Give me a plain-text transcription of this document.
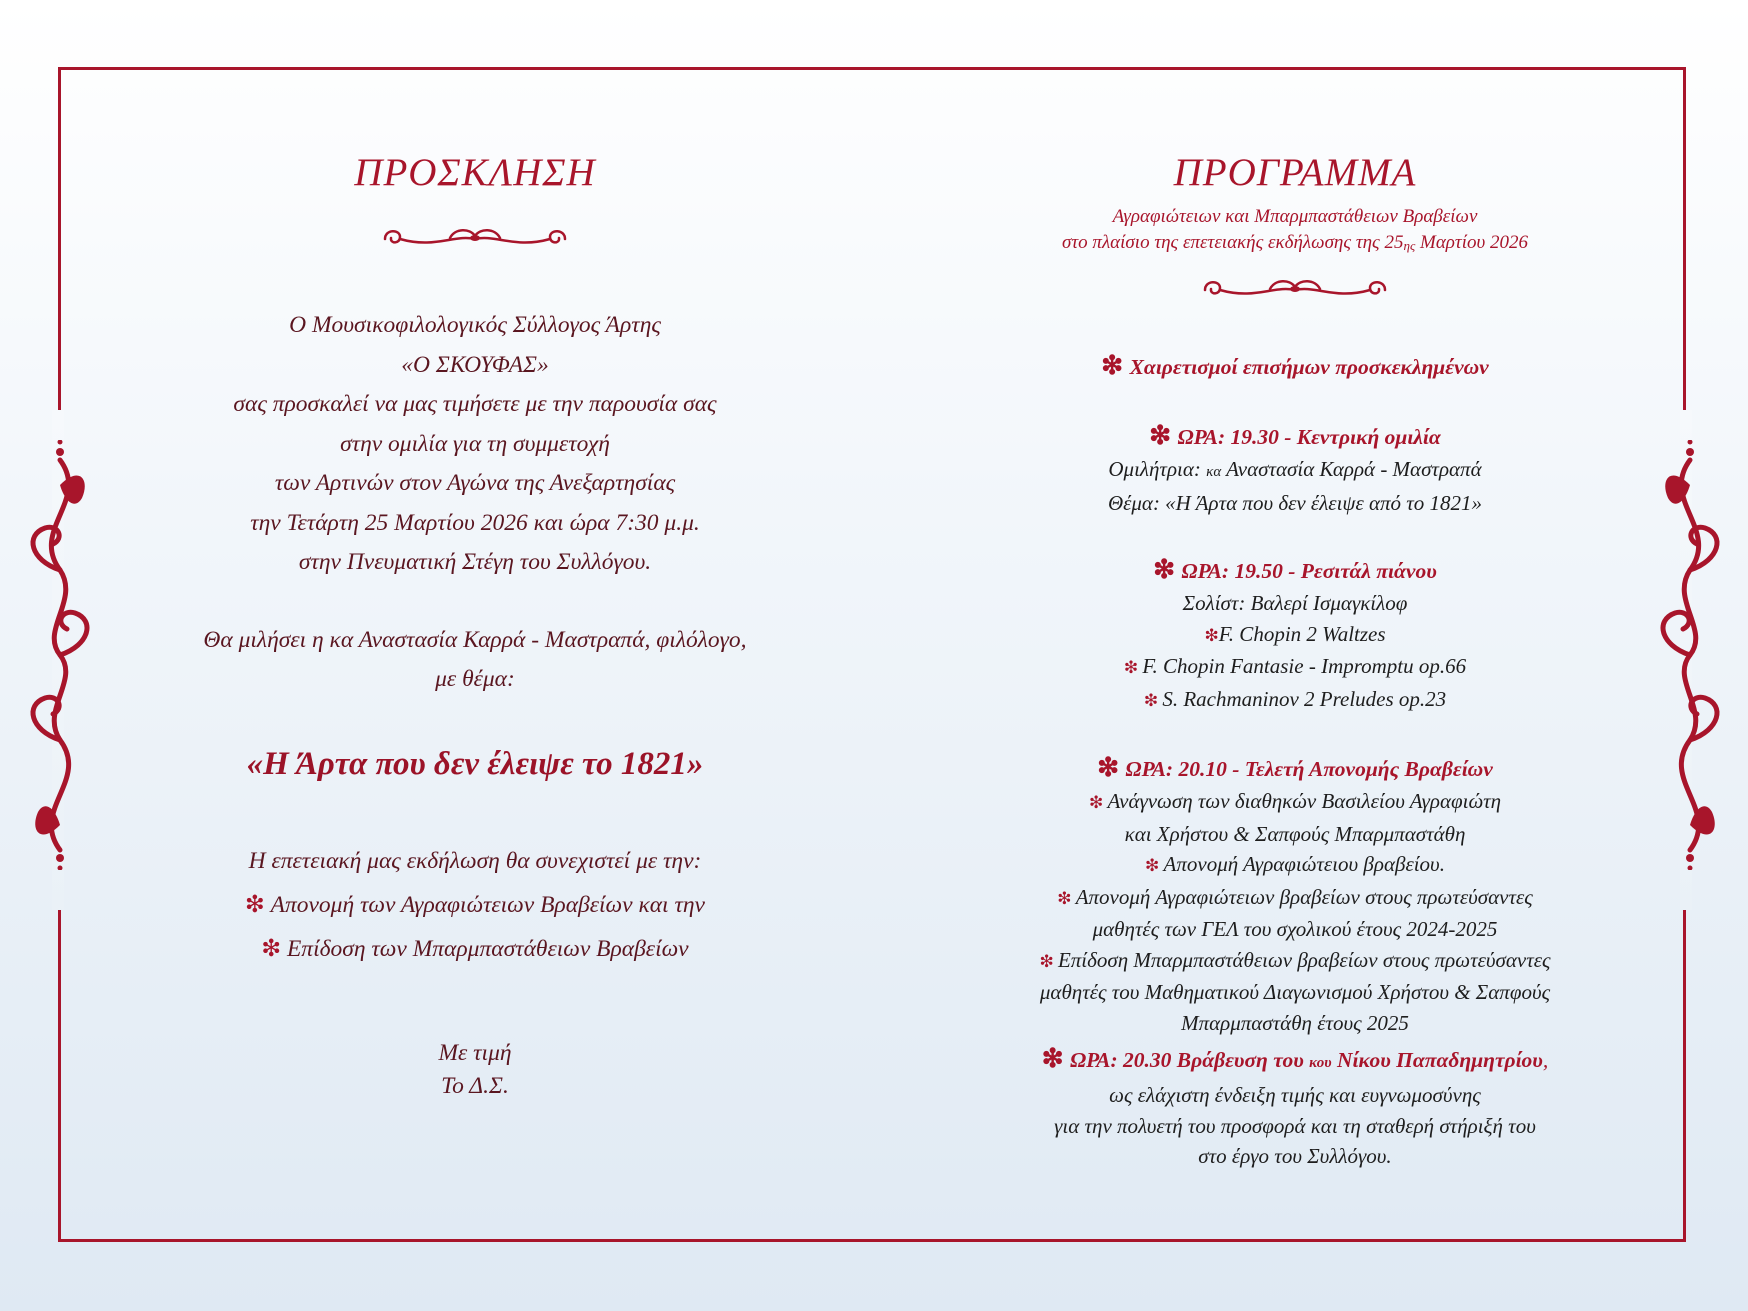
ΠΡΟΣΚΛΗΣΗ
Ο Μουσικοφιλολογικός Σύλλογος Άρτης
«Ο ΣΚΟΥΦΑΣ»
σας προσκαλεί να μας τιμήσετε με την παρουσία σας
στην ομιλία για τη συμμετοχή
των Αρτινών στον Αγώνα της Ανεξαρτησίας
την Τετάρτη 25 Μαρτίου 2026 και ώρα 7:30 μ.μ.
στην Πνευματική Στέγη του Συλλόγου.
Θα μιλήσει η κα Αναστασία Καρρά - Μαστραπά, φιλόλογο,
με θέμα:
«Η Άρτα που δεν έλειψε το 1821»
Η επετειακή μας εκδήλωση θα συνεχιστεί με την:
❇ Απονομή των Αγραφιώτειων Βραβείων και την
❇ Επίδοση των Μπαρμπαστάθειων Βραβείων
Με τιμή
Το Δ.Σ.
ΠΡΟΓΡΑΜΜΑ
Αγραφιώτειων και Μπαρμπαστάθειων Βραβείων
στο πλαίσιο της επετειακής εκδήλωσης της $25_{\eta\varsigma}$ Μαρτίου 2026
❇ Χαιρετισμοί επισήμων προσκεκλημένων
❇ ΩΡΑ: 19.30 - Κεντρική ομιλία
Ομιλήτρια: κα Αναστασία Καρρά - Μαστραπά
Θέμα: «Η Άρτα που δεν έλειψε από το 1821»
❇ ΩΡΑ: 19.50 - Ρεσιτάλ πιάνου
Σολίστ: Βαλερί Ισμαγκίλοφ
❇F. Chopin 2 Waltzes
❇ F. Chopin Fantasie - Impromptu op.66
❇ S. Rachmaninov 2 Preludes op.23
❇ ΩΡΑ: 20.10 - Τελετή Απονομής Βραβείων
❇ Ανάγνωση των διαθηκών Βασιλείου Αγραφιώτη
και Χρήστου & Σαπφούς Μπαρμπαστάθη
❇ Απονομή Αγραφιώτειου βραβείου.
❇ Απονομή Αγραφιώτειων βραβείων στους πρωτεύσαντες
μαθητές των ΓΕΛ του σχολικού έτους 2024-2025
❇ Επίδοση Μπαρμπαστάθειων βραβείων στους πρωτεύσαντες
μαθητές του Μαθηματικού Διαγωνισμού Χρήστου & Σαπφούς
Μπαρμπαστάθη έτους 2025
❇ ΩΡΑ: 20.30 Βράβευση του κου Νίκου Παπαδημητρίου,
ως ελάχιστη ένδειξη τιμής και ευγνωμοσύνης
για την πολυετή του προσφορά και τη σταθερή στήριξή του
στο έργο του Συλλόγου.
